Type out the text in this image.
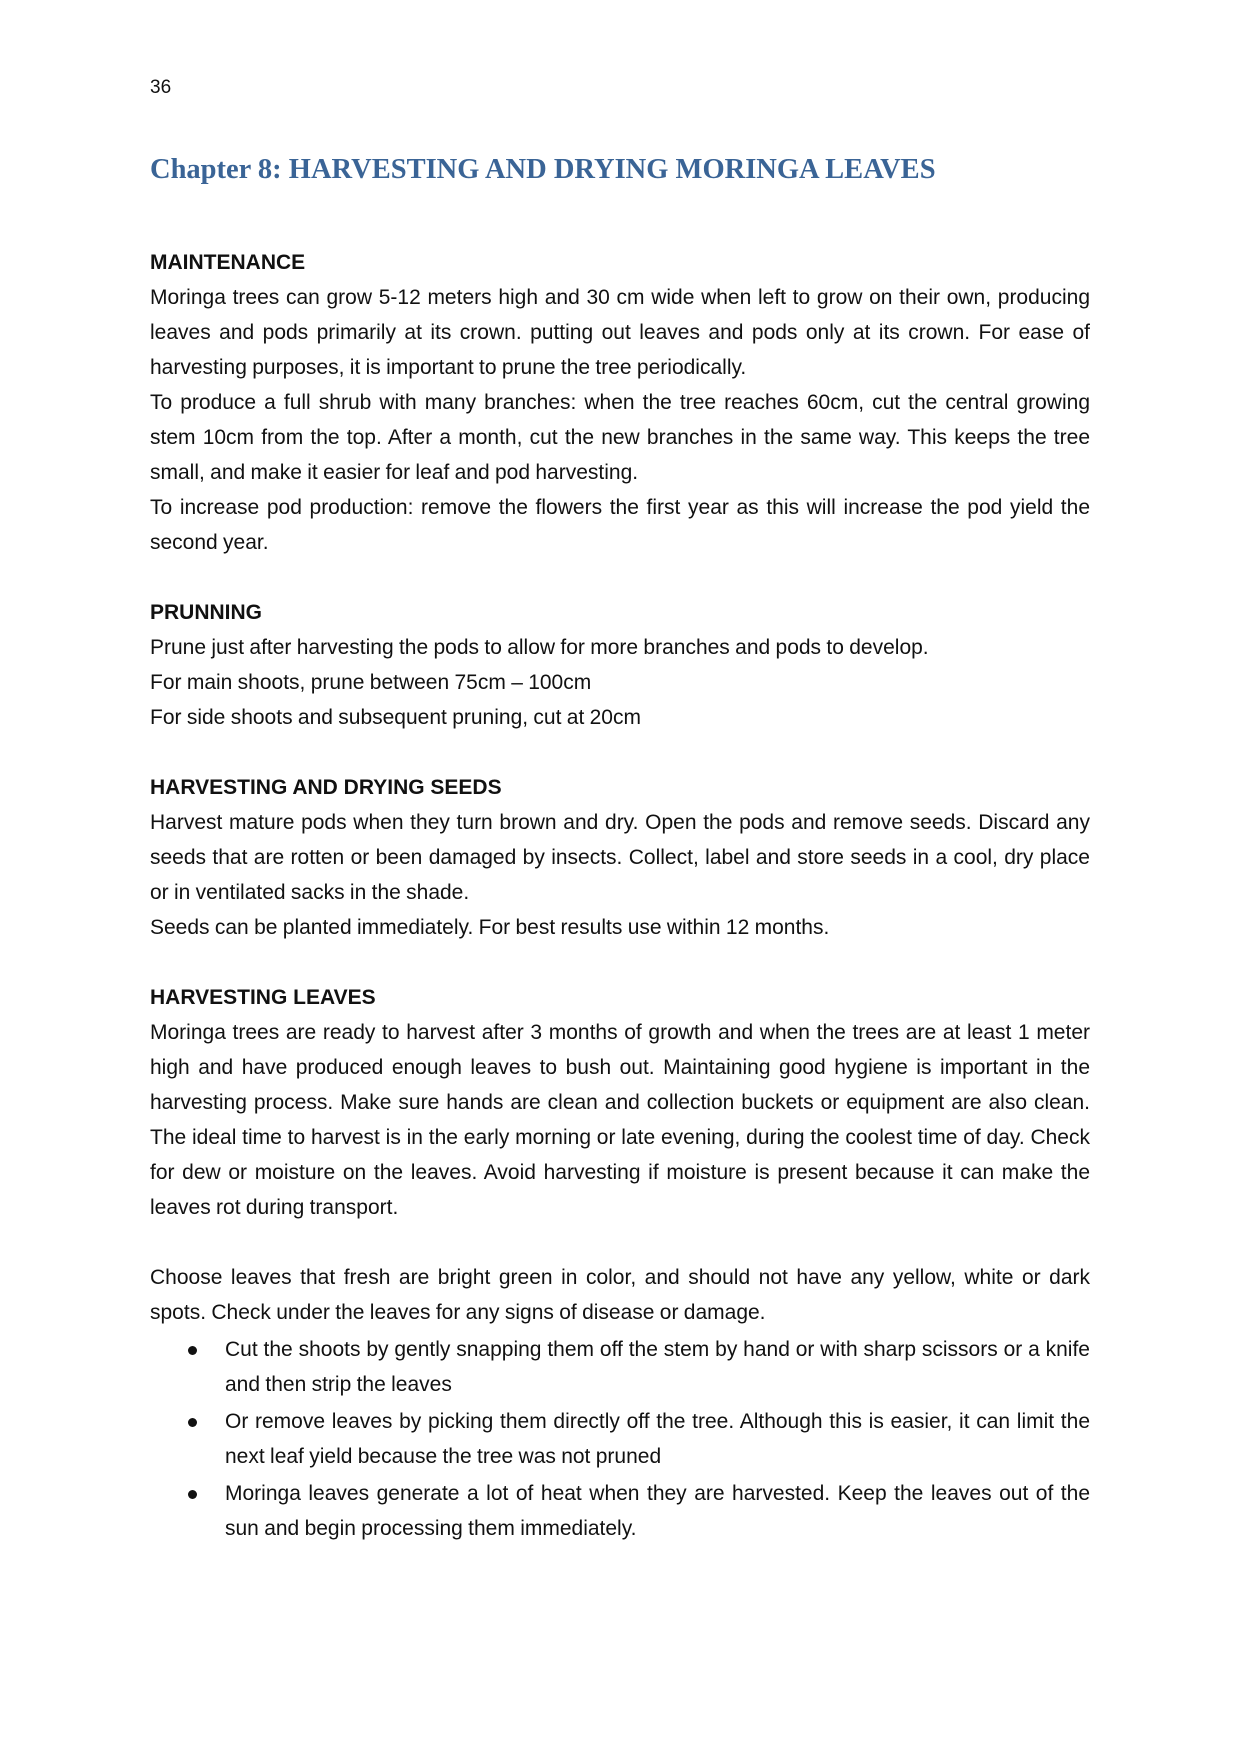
36
Chapter 8: HARVESTING AND DRYING MORINGA LEAVES
MAINTENANCE

Moringa trees can grow 5-12 meters high and 30 cm wide when left to grow on their own, producing leaves and pods primarily at its crown. putting out leaves and pods only at its crown. For ease of harvesting purposes, it is important to prune the tree periodically.

To produce a full shrub with many branches: when the tree reaches 60cm, cut the central growing stem 10cm from the top. After a month, cut the new branches in the same way. This keeps the tree small, and make it easier for leaf and pod harvesting.

To increase pod production: remove the flowers the first year as this will increase the pod yield the second year.

PRUNNING

Prune just after harvesting the pods to allow for more branches and pods to develop.

For main shoots, prune between 75cm – 100cm

For side shoots and subsequent pruning, cut at 20cm

HARVESTING AND DRYING SEEDS

Harvest mature pods when they turn brown and dry. Open the pods and remove seeds. Discard any seeds that are rotten or been damaged by insects. Collect, label and store seeds in a cool, dry place or in ventilated sacks in the shade.

Seeds can be planted immediately. For best results use within 12 months.

HARVESTING LEAVES

Moringa trees are ready to harvest after 3 months of growth and when the trees are at least 1 meter high and have produced enough leaves to bush out. Maintaining good hygiene is important in the harvesting process. Make sure hands are clean and collection buckets or equipment are also clean. The ideal time to harvest is in the early morning or late evening, during the coolest time of day. Check for dew or moisture on the leaves. Avoid harvesting if moisture is present because it can make the leaves rot during transport.

Choose leaves that fresh are bright green in color, and should not have any yellow, white or dark spots. Check under the leaves for any signs of disease or damage.

Cut the shoots by gently snapping them off the stem by hand or with sharp scissors or a knife and then strip the leaves
Or remove leaves by picking them directly off the tree. Although this is easier, it can limit the next leaf yield because the tree was not pruned
Moringa leaves generate a lot of heat when they are harvested. Keep the leaves out of the sun and begin processing them immediately.
